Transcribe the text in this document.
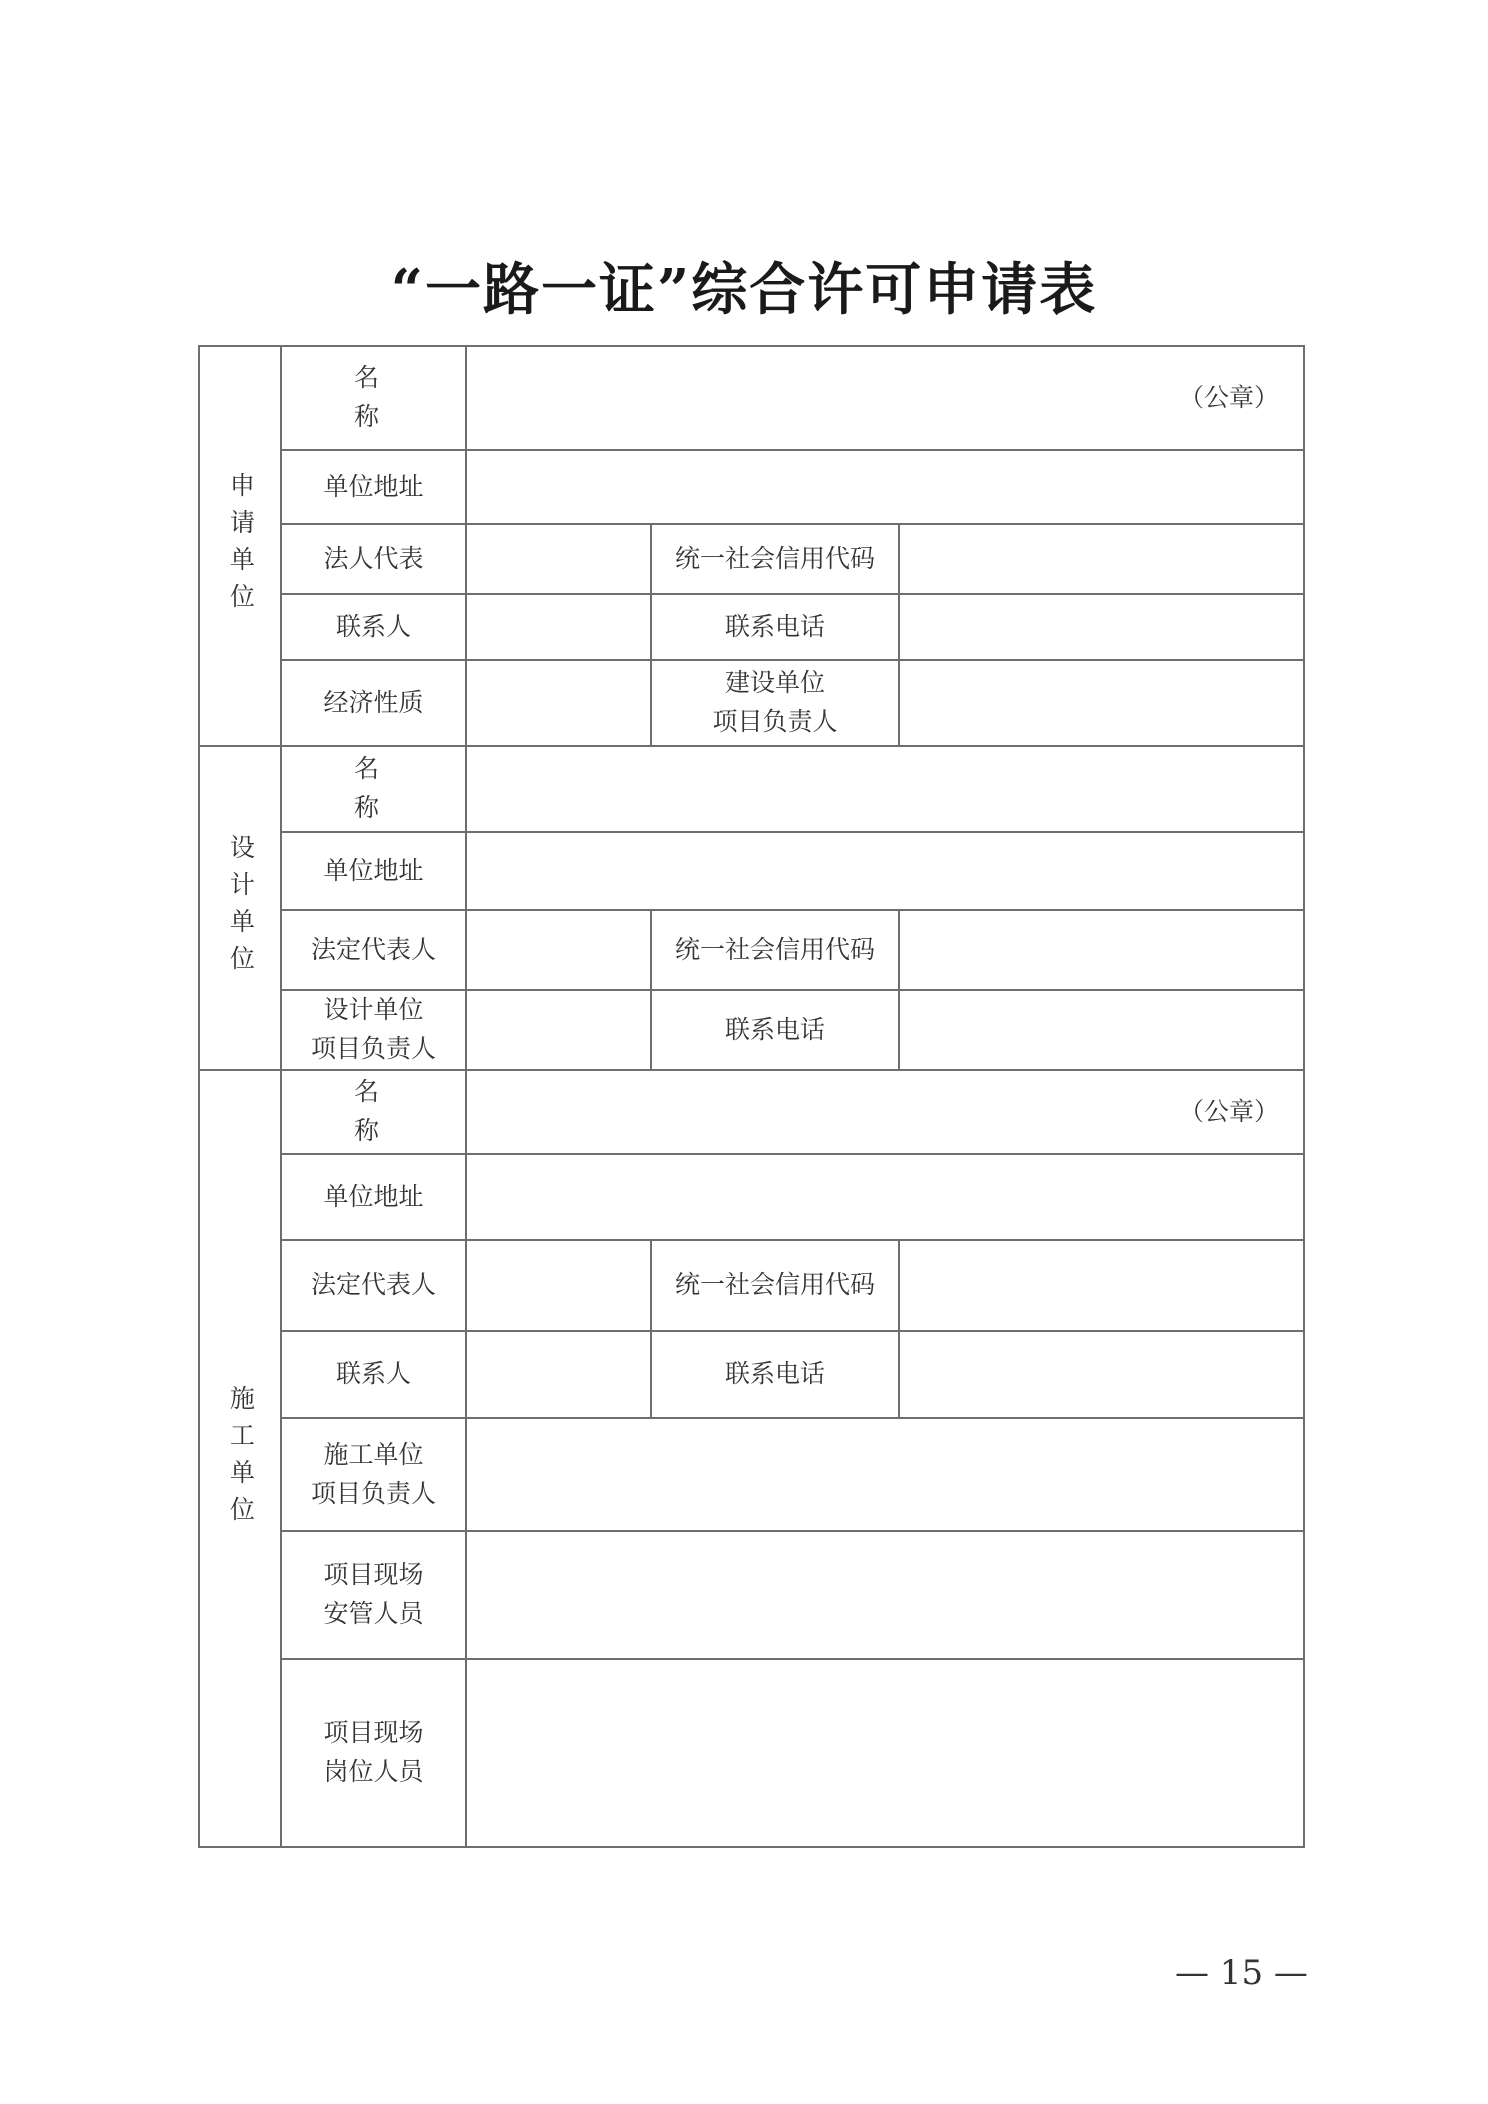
“一路一证”综合许可申请表
申请单位	名　称	（公章）		
	单位地址			
	法人代表		统一社会信用代码	
	联系人		联系电话	
	经济性质		建设单位
项目负责人	

设计单位	名　称			
	单位地址			
	法定代表人		统一社会信用代码	

	设计单位
项目负责人		联系电话	
施工单位	名　称	（公章）		
	单位地址			
	法定代表人		统一社会信用代码	
	联系人		联系电话	

	施工单位
项目负责人			

	项目现场
安管人员			

	项目现场
岗位人员			

— 15 —
